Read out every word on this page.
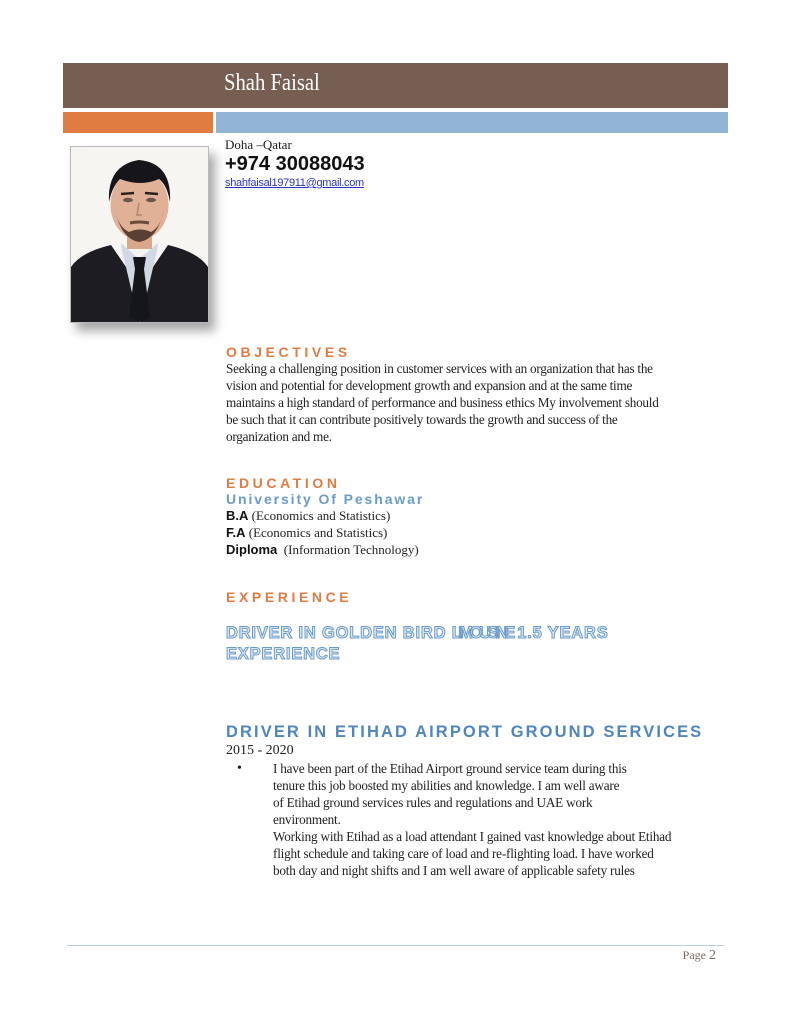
Shah Faisal
Doha –Qatar
+974 30088043
shahfaisal197911@gmail.com
OBJECTIVES
Seeking a challenging position in customer services with an organization that has the
vision and potential for development growth and expansion and at the same time
maintains a high standard of performance and business ethics My involvement should
be such that it can contribute positively towards the growth and success of the
organization and me.
EDUCATION
University Of Peshawar
B.A (Economics and Statistics)
F.A (Economics and Statistics)
Diploma (Information Technology)
EXPERIENCE
DRIVER IN GOLDEN BIRD LIMOUSINE 1.5 YEARS
EXPERIENCE
DRIVER IN ETIHAD AIRPORT GROUND SERVICES
2015 - 2020
• I have been part of the Etihad Airport ground service team during this
tenure this job boosted my abilities and knowledge. I am well aware
of Etihad ground services rules and regulations and UAE work
environment.
Working with Etihad as a load attendant I gained vast knowledge about Etihad
flight schedule and taking care of load and re-flighting load. I have worked
both day and night shifts and I am well aware of applicable safety rules
Page 2
